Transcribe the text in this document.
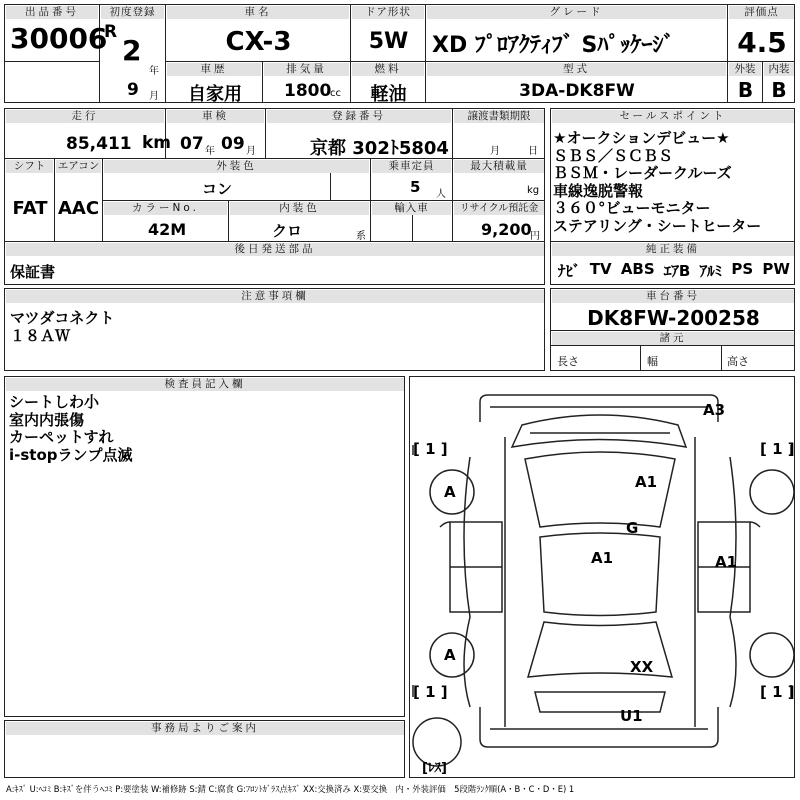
出品番号
30006
初度登録
R
2
年
9 月
車名
CX-3
ドア形状
5W
グレード
XD ﾌﾟﾛｱｸﾃｨﾌﾞ Sﾊﾟｯｹｰｼﾞ
評価点
4.5
車歴
自家用
排気量
1800
cc
燃料
軽油
型式
3DA-DK8FW
外装
B
内装
B
走行
85,411 km
車検
07 年 09 月
登録番号
京都 302ﾄ5804
譲渡書類期限
月	日
シフト
FAT
エアコン
AAC
外装色
コン
乗車定員
5 人
最大積載量
kg
カラーNo.
42M
内装色
クロ	系
輸入車	リサイクル預託金
9,200
円
後日発送部品
保証書
セールスポイント
★オークションデビュー★
ＳＢＳ／ＳＣＢＳ
ＢＳＭ・レーダークルーズ
車線逸脱警報
３６０°ビューモニター
ステアリング・シートヒーター
純正装備
ﾅﾋﾞ TV ABS ｴｱB ｱﾙﾐ PS PW
注意事項欄
マツダコネクト
１８ＡＷ
車台番号
DK8FW-200258
諸元
長さ	幅	高さ
検査員記入欄
シートしわ小
室内内張傷
カーペットすれ
i-stopランプ点滅
事務局よりご案内
A3
A1
G
A1	A1
XX
U1
A
A
[ 1 ]	[ 1 ]
[ 1 ]	[ 1 ]
[ﾚｽ]
A:ｷｽﾞ U:ﾍｺﾐ B:ｷｽﾞを伴うﾍｺﾐ P:要塗装 W:補修跡 S:錆 C:腐食 G:ﾌﾛﾝﾄｶﾞﾗｽ点ｷｽﾞ XX:交換済み X:要交換　内・外装評価　5段階ﾗﾝｸ順(A・B・C・D・E) 1
